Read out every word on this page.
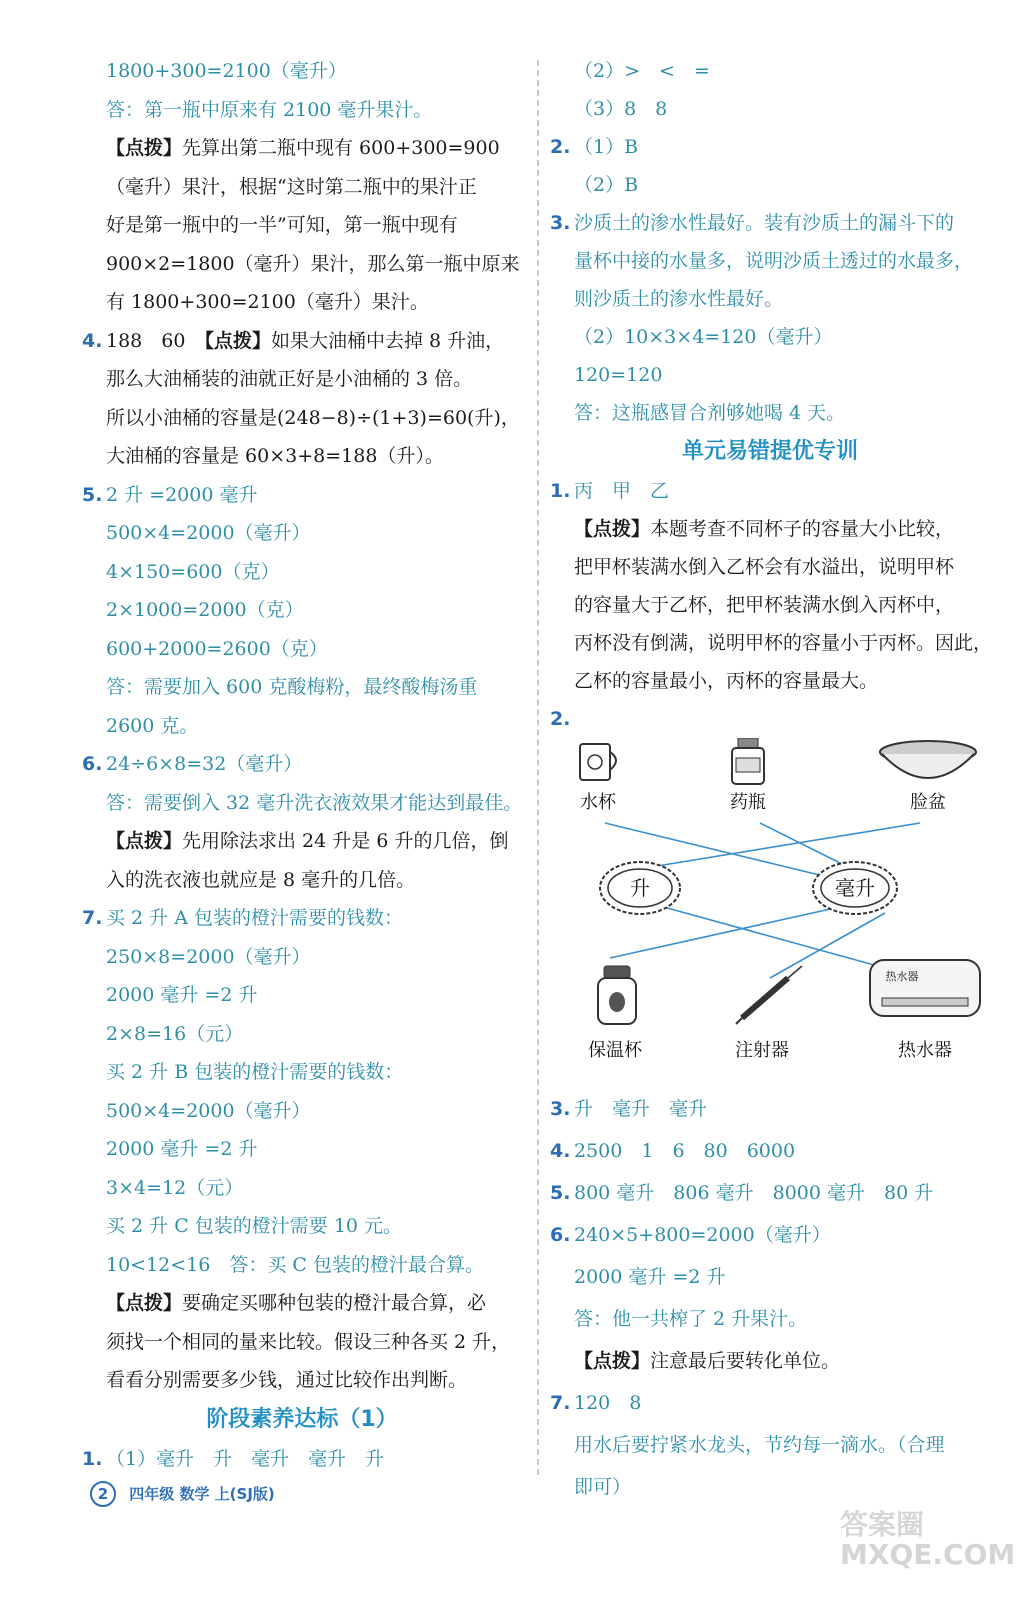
1800+300=2100（毫升）
答：第一瓶中原来有 2100 毫升果汁。
【点拨】先算出第二瓶中现有 600+300=900
（毫升）果汁，根据“这时第二瓶中的果汁正
好是第一瓶中的一半”可知，第一瓶中现有
900×2=1800（毫升）果汁，那么第一瓶中原来
有 1800+300=2100（毫升）果汁。
4. 188　60　【点拨】如果大油桶中去掉 8 升油，
那么大油桶装的油就正好是小油桶的 3 倍。
所以小油桶的容量是(248−8)÷(1+3)=60(升)，
大油桶的容量是 60×3+8=188（升）。
5. 2 升 =2000 毫升
500×4=2000（毫升）
4×150=600（克）
2×1000=2000（克）
600+2000=2600（克）
答：需要加入 600 克酸梅粉，最终酸梅汤重
2600 克。
6. 24÷6×8=32（毫升）
答：需要倒入 32 毫升洗衣液效果才能达到最佳。
【点拨】先用除法求出 24 升是 6 升的几倍，倒
入的洗衣液也就应是 8 毫升的几倍。
7. 买 2 升 A 包装的橙汁需要的钱数：
250×8=2000（毫升）
2000 毫升 =2 升
2×8=16（元）
买 2 升 B 包装的橙汁需要的钱数：
500×4=2000（毫升）
2000 毫升 =2 升
3×4=12（元）
买 2 升 C 包装的橙汁需要 10 元。
10<12<16　答：买 C 包装的橙汁最合算。
【点拨】要确定买哪种包装的橙汁最合算，必
须找一个相同的量来比较。假设三种各买 2 升，
看看分别需要多少钱，通过比较作出判断。
阶段素养达标（1）
1. （1）毫升　升　毫升　毫升　升
（2）>　<　=
（3）8　8
2. （1）B
（2）B
3. 沙质土的渗水性最好。装有沙质土的漏斗下的
量杯中接的水量多，说明沙质土透过的水最多，
则沙质土的渗水性最好。
（2）10×3×4=120（毫升）
120=120
答：这瓶感冒合剂够她喝 4 天。
单元易错提优专训
1. 丙　甲　乙
【点拨】本题考查不同杯子的容量大小比较，
把甲杯装满水倒入乙杯会有水溢出，说明甲杯
的容量大于乙杯，把甲杯装满水倒入丙杯中，
丙杯没有倒满，说明甲杯的容量小于丙杯。因此，
乙杯的容量最小，丙杯的容量最大。
2.
水杯	药瓶	脸盆
升	毫升
热水器
保温杯	注射器	热水器
3. 升　毫升　毫升
4. 2500　1　6　80　6000
5. 800 毫升　806 毫升　8000 毫升　80 升
6. 240×5+800=2000（毫升）
2000 毫升 =2 升
答：他一共榨了 2 升果汁。
【点拨】注意最后要转化单位。
7. 120　8
用水后要拧紧水龙头，节约每一滴水。（合理
即可）
2 四年级 数学 上(SJ版)
答案圈 MXQE.COM
